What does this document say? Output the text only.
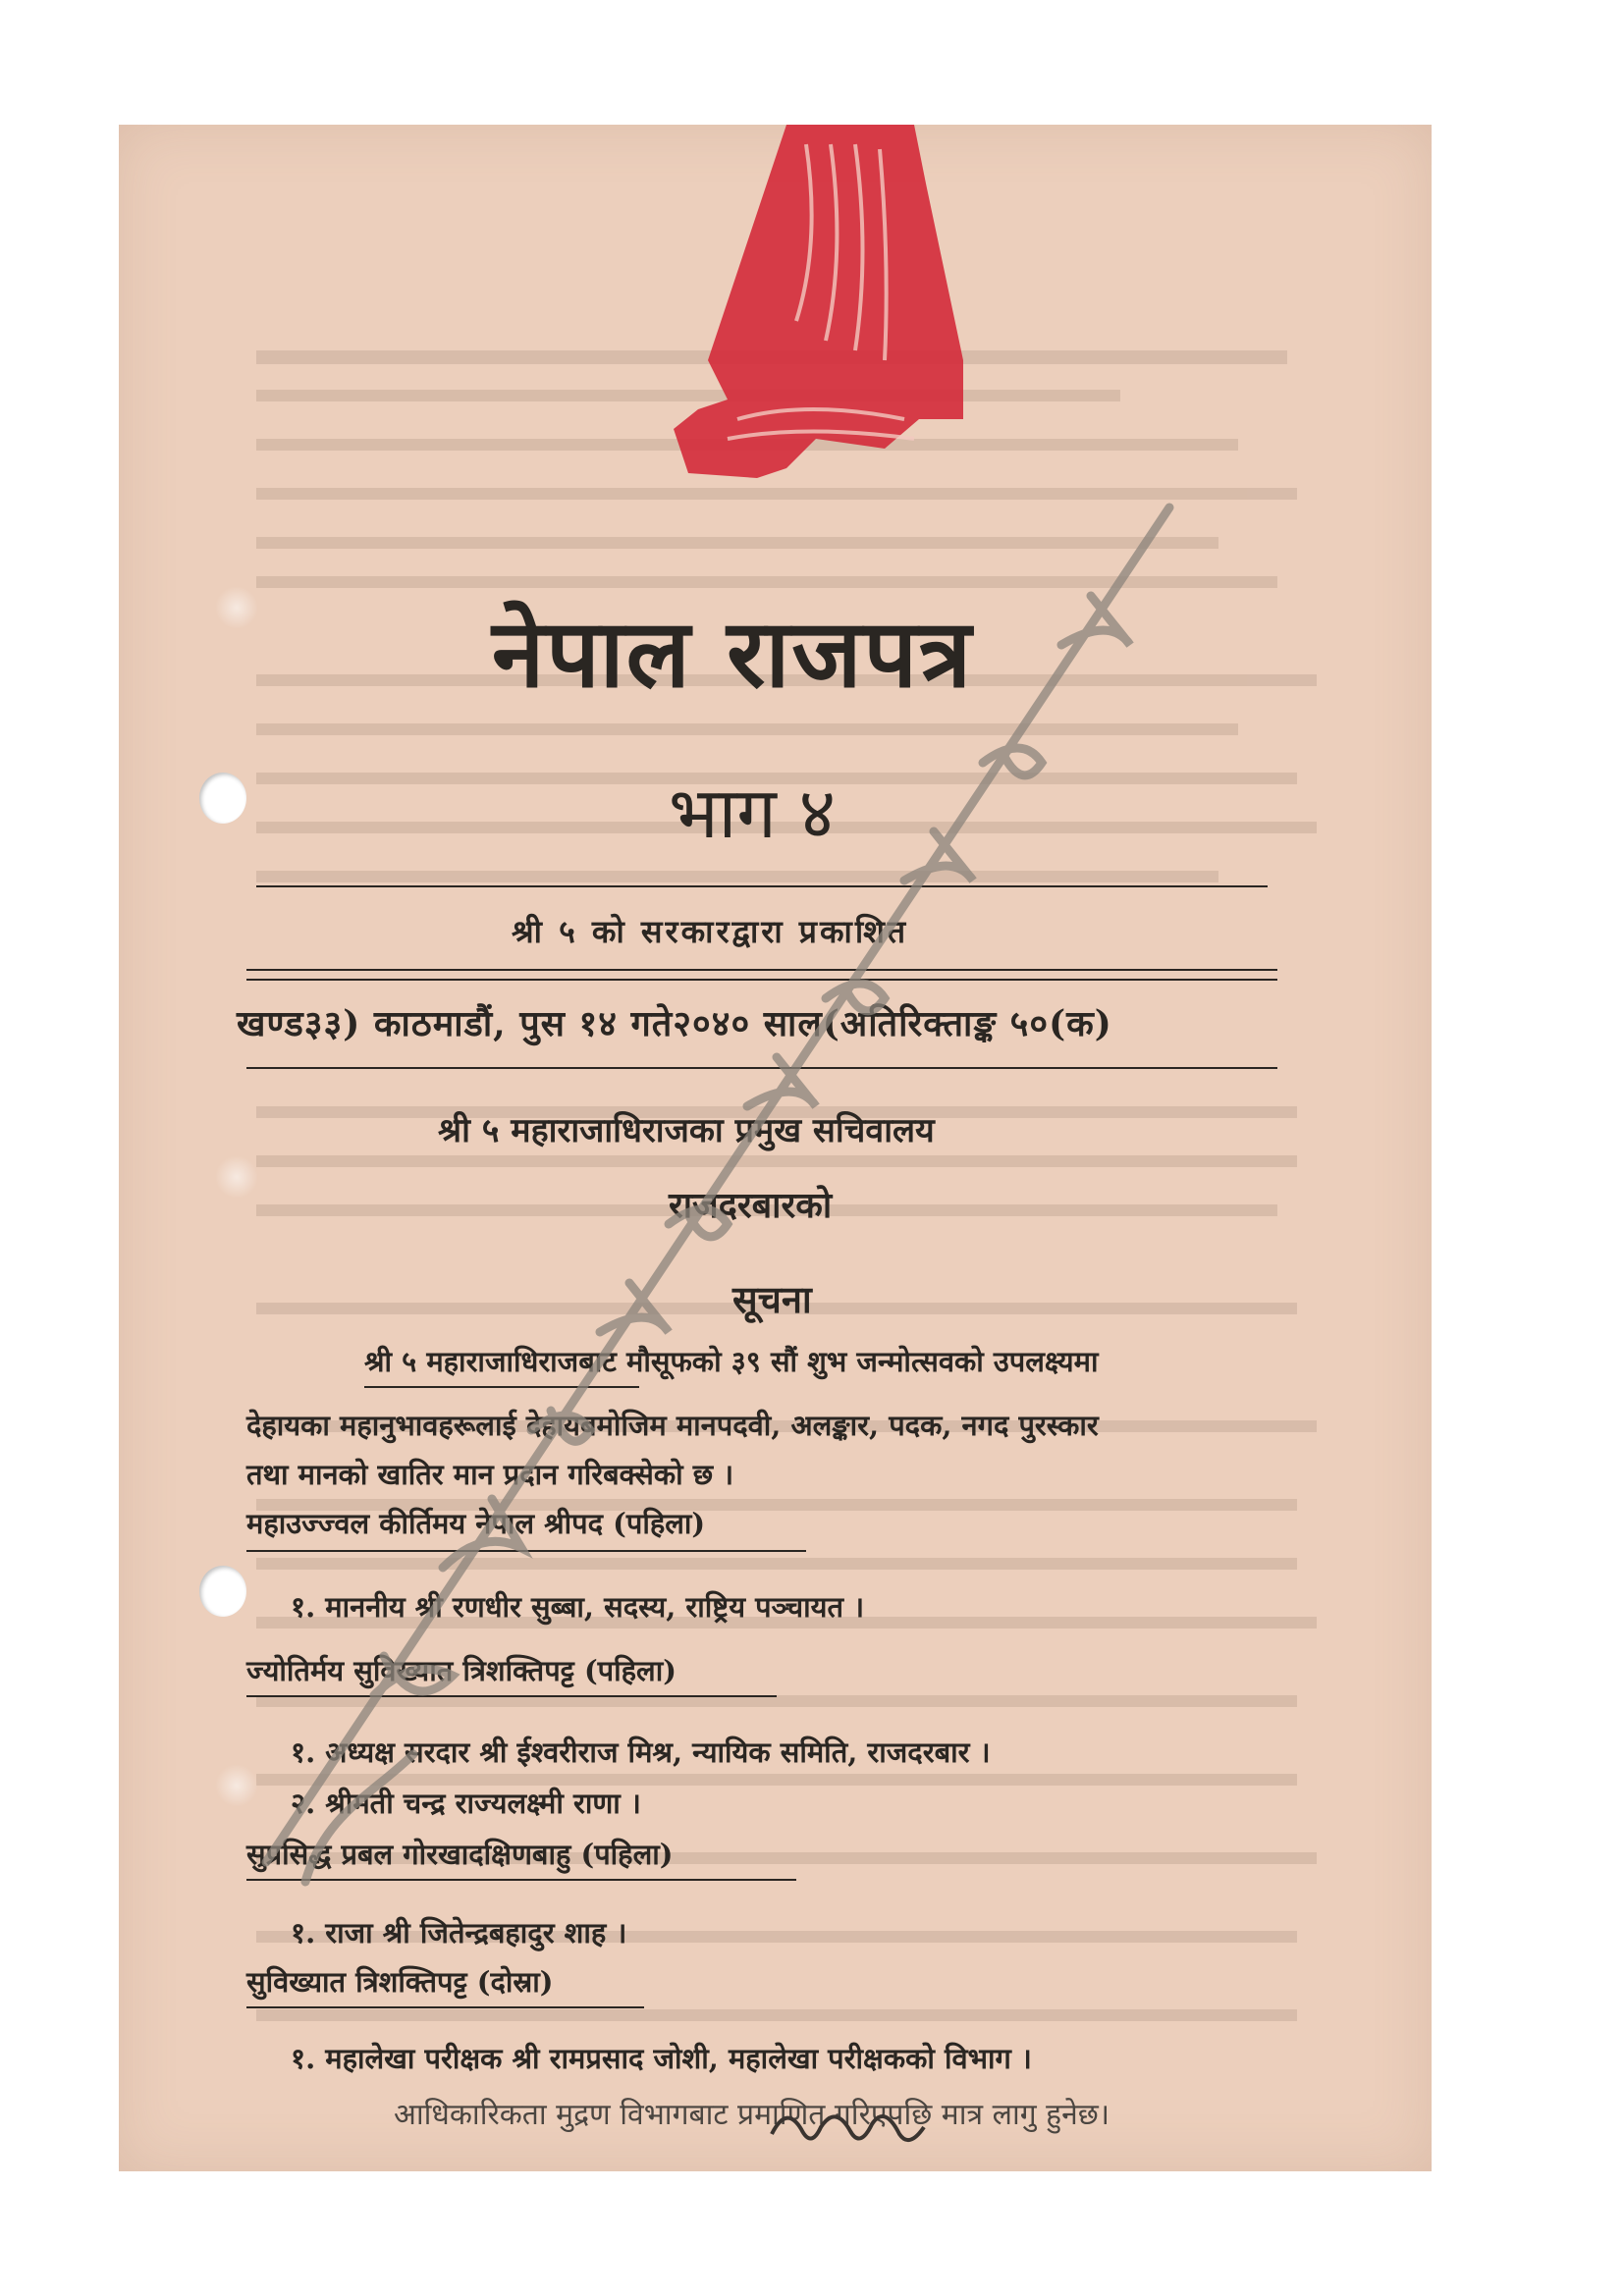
नेपाल राजपत्र
भाग ४
श्री ५ को सरकारद्वारा प्रकाशित
खण्ड३३) काठमाडौं, पुस १४ गते२०४० साल(अतिरिक्ताङ्क ५०(क)
श्री ५ महाराजाधिराजका प्रमुख सचिवालय
राजदरबारको
सूचना
श्री ५ महाराजाधिराजबाट मौसूफको ३९ सौं शुभ जन्मोत्सवको उपलक्ष्यमा
देहायका महानुभावहरूलाई देहायबमोजिम मानपदवी, अलङ्कार, पदक, नगद पुरस्कार
तथा मानको खातिर मान प्रदान गरिबक्सेको छ ।
महाउज्ज्वल कीर्तिमय नेपाल श्रीपद (पहिला)
१. माननीय श्री रणधीर सुब्बा, सदस्य, राष्ट्रिय पञ्चायत ।
ज्योतिर्मय सुविख्यात त्रिशक्तिपट्ट (पहिला)
१. अध्यक्ष सरदार श्री ईश्वरीराज मिश्र, न्यायिक समिति, राजदरबार ।
२. श्रीमती चन्द्र राज्यलक्ष्मी राणा ।
सुप्रसिद्ध प्रबल गोरखादक्षिणबाहु (पहिला)
१. राजा श्री जितेन्द्रबहादुर शाह ।
सुविख्यात त्रिशक्तिपट्ट (दोस्रा)
१. महालेखा परीक्षक श्री रामप्रसाद जोशी, महालेखा परीक्षकको विभाग ।
आधिकारिकता मुद्रण विभागबाट प्रमाणित गरिएपछि मात्र लागु हुनेछ।
